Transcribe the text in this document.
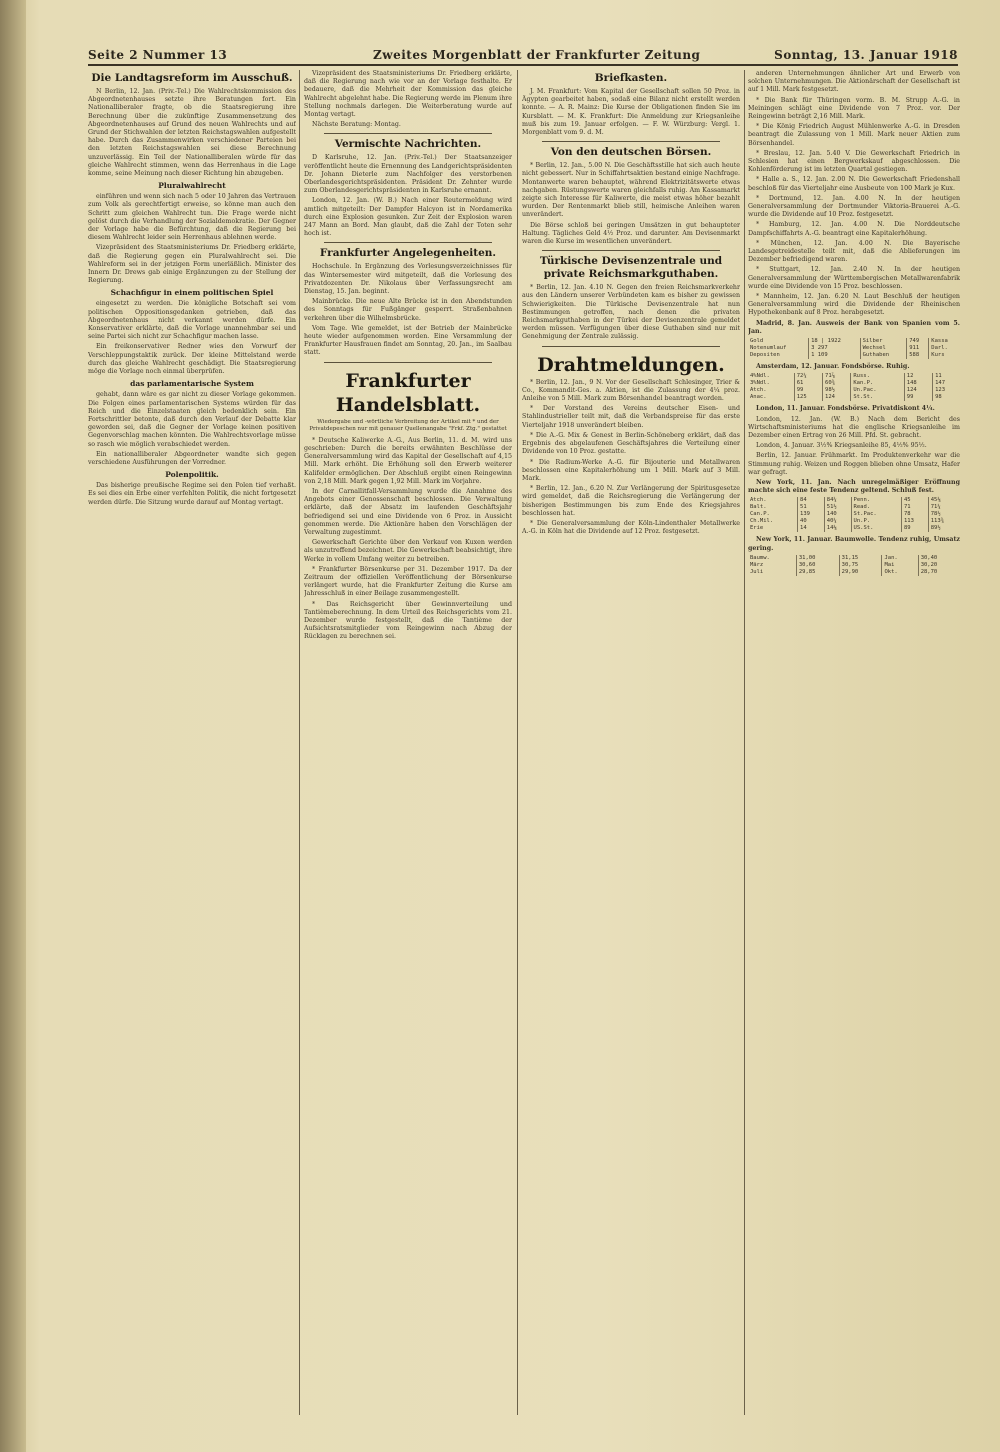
Seite 2 Nummer 13	Zweites Morgenblatt der Frankfurter Zeitung	Sonntag, 13. Januar 1918
Die Landtagsreform im Ausschuß.

N Berlin, 12. Jan. (Priv.-Tel.) Die Wahlrechtskommission des Abgeordnetenhauses setzte ihre Beratungen fort. Ein Nationalliberaler fragte, ob die Staatsregierung ihre Berechnung über die zukünftige Zusammensetzung des Abgeordnetenhauses auf Grund des neuen Wahlrechts und auf Grund der Stichwahlen der letzten Reichstagswahlen aufgestellt habe. Durch das Zusammenwirken verschiedener Parteien bei den letzten Reichstagswahlen sei diese Berechnung unzuverlässig. Ein Teil der Nationalliberalen würde für das gleiche Wahlrecht stimmen, wenn das Herrenhaus in die Lage komme, seine Meinung nach dieser Richtung hin abzugeben.

Pluralwahlrecht

einführen und wenn sich nach 5 oder 10 Jahren das Vertrauen zum Volk als gerechtfertigt erweise, so könne man auch den Schritt zum gleichen Wahlrecht tun. Die Frage werde nicht gelöst durch die Verhandlung der Sozialdemokratie. Der Gegner der Vorlage habe die Befürchtung, daß die Regierung bei diesem Wahlrecht leider sein Herrenhaus ablehnen werde.

Vizepräsident des Staatsministeriums Dr. Friedberg erklärte, daß die Regierung gegen ein Pluralwahlrecht sei. Die Wahlreform sei in der jetzigen Form unerläßlich. Minister des Innern Dr. Drews gab einige Ergänzungen zu der Stellung der Regierung.

Schachfigur in einem politischen Spiel

eingesetzt zu werden. Die königliche Botschaft sei vom politischen Oppositionsgedanken getrieben, daß das Abgeordnetenhaus nicht verkannt werden dürfe. Ein Konservativer erklärte, daß die Vorlage unannehmbar sei und seine Partei sich nicht zur Schachfigur machen lasse.

Ein freikonservativer Redner wies den Vorwurf der Verschleppungstaktik zurück. Der kleine Mittelstand werde durch das gleiche Wahlrecht geschädigt. Die Staatsregierung möge die Vorlage noch einmal überprüfen.

das parlamentarische System

gehabt, dann wäre es gar nicht zu dieser Vorlage gekommen. Die Folgen eines parlamentarischen Systems würden für das Reich und die Einzelstaaten gleich bedenklich sein. Ein Fortschrittler betonte, daß durch den Verlauf der Debatte klar geworden sei, daß die Gegner der Vorlage keinen positiven Gegenvorschlag machen könnten. Die Wahlrechtsvorlage müsse so rasch wie möglich verabschiedet werden.

Ein nationalliberaler Abgeordneter wandte sich gegen verschiedene Ausführungen der Vorredner.

Polenpolitik.

Das bisherige preußische Regime sei den Polen tief verhaßt. Es sei dies ein Erbe einer verfehlten Politik, die nicht fortgesetzt werden dürfe. Die Sitzung wurde darauf auf Montag vertagt.

Vizepräsident des Staatsministeriums Dr. Friedberg erklärte, daß die Regierung nach wie vor an der Vorlage festhalte. Er bedauere, daß die Mehrheit der Kommission das gleiche Wahlrecht abgelehnt habe. Die Regierung werde im Plenum ihre Stellung nochmals darlegen. Die Weiterberatung wurde auf Montag vertagt.

Nächste Beratung: Montag.

Vermischte Nachrichten.

D Karlsruhe, 12. Jan. (Priv.-Tel.) Der Staatsanzeiger veröffentlicht heute die Ernennung des Landgerichtspräsidenten Dr. Johann Dieterle zum Nachfolger des verstorbenen Oberlandesgerichtspräsidenten. Präsident Dr. Zehnter wurde zum Oberlandesgerichtspräsidenten in Karlsruhe ernannt.

London, 12. Jan. (W. B.) Nach einer Reutermeldung wird amtlich mitgeteilt: Der Dampfer Halcyon ist in Nordamerika durch eine Explosion gesunken. Zur Zeit der Explosion waren 247 Mann an Bord. Man glaubt, daß die Zahl der Toten sehr hoch ist.

Frankfurter Angelegenheiten.

Hochschule. In Ergänzung des Vorlesungsverzeichnisses für das Wintersemester wird mitgeteilt, daß die Vorlesung des Privatdozenten Dr. Nikolaus über Verfassungsrecht am Dienstag, 15. Jan. beginnt.

Mainbrücke. Die neue Alte Brücke ist in den Abendstunden des Sonntags für Fußgänger gesperrt. Straßenbahnen verkehren über die Wilhelmsbrücke.

Vom Tage. Wie gemeldet, ist der Betrieb der Mainbrücke heute wieder aufgenommen worden. Eine Versammlung der Frankfurter Hausfrauen findet am Sonntag, 20. Jan., im Saalbau statt.

Frankfurter Handelsblatt.
Wiedergabe und -wörtliche Verbreitung der Artikel mit * und der Privatdepeschen nur mit genauer Quellenangabe "Frkf. Ztg." gestattet

* Deutsche Kaliwerke A.-G., Aus Berlin, 11. d. M. wird uns geschrieben: Durch die bereits erwähnten Beschlüsse der Generalversammlung wird das Kapital der Gesellschaft auf 4,15 Mill. Mark erhöht. Die Erhöhung soll den Erwerb weiterer Kalifelder ermöglichen. Der Abschluß ergibt einen Reingewinn von 2,18 Mill. Mark gegen 1,92 Mill. Mark im Vorjahre.

In der Carnallitfall-Versammlung wurde die Annahme des Angebots einer Genossenschaft beschlossen. Die Verwaltung erklärte, daß der Absatz im laufenden Geschäftsjahr befriedigend sei und eine Dividende von 6 Proz. in Aussicht genommen werde. Die Aktionäre haben den Vorschlägen der Verwaltung zugestimmt.

Gewerkschaft Gerichte über den Verkauf von Kuxen werden als unzutreffend bezeichnet. Die Gewerkschaft beabsichtigt, ihre Werke in vollem Umfang weiter zu betreiben.

* Frankfurter Börsenkurse per 31. Dezember 1917. Da der Zeitraum der offiziellen Veröffentlichung der Börsenkurse verlängert wurde, hat die Frankfurter Zeitung die Kurse am Jahresschluß in einer Beilage zusammengestellt.

* Das Reichsgericht über Gewinnverteilung und Tantièmeberechnung. In dem Urteil des Reichsgerichts vom 21. Dezember wurde festgestellt, daß die Tantième der Aufsichtsratsmitglieder vom Reingewinn nach Abzug der Rücklagen zu berechnen sei.

Briefkasten.

J. M. Frankfurt: Vom Kapital der Gesellschaft sollen 50 Proz. in Ägypten gearbeitet haben, sodaß eine Bilanz nicht erstellt werden konnte. — A. R. Mainz: Die Kurse der Obligationen finden Sie im Kursblatt. — M. K. Frankfurt: Die Anmeldung zur Kriegsanleihe muß bis zum 19. Januar erfolgen. — F. W. Würzburg: Vergl. 1. Morgenblatt vom 9. d. M.

Von den deutschen Börsen.

* Berlin, 12. Jan., 5.00 N. Die Geschäftsstille hat sich auch heute nicht gebessert. Nur in Schiffahrtsaktien bestand einige Nachfrage. Montanwerte waren behauptet, während Elektrizitätswerte etwas nachgaben. Rüstungswerte waren gleichfalls ruhig. Am Kassamarkt zeigte sich Interesse für Kaliwerte, die meist etwas höher bezahlt wurden. Der Rentenmarkt blieb still, heimische Anleihen waren unverändert.

Die Börse schloß bei geringen Umsätzen in gut behaupteter Haltung. Tägliches Geld 4½ Proz. und darunter. Am Devisenmarkt waren die Kurse im wesentlichen unverändert.

Türkische Devisenzentrale und private Reichsmarkguthaben.

* Berlin, 12. Jan. 4.10 N. Gegen den freien Reichsmarkverkehr aus den Ländern unserer Verbündeten kam es bisher zu gewissen Schwierigkeiten. Die Türkische Devisenzentrale hat nun Bestimmungen getroffen, nach denen die privaten Reichsmarkguthaben in der Türkei der Devisenzentrale gemeldet werden müssen. Verfügungen über diese Guthaben sind nur mit Genehmigung der Zentrale zulässig.

Drahtmeldungen.

* Berlin, 12. Jan., 9 N. Vor der Gesellschaft Schlesinger, Trier & Co., Kommandit-Ges. a. Aktien, ist die Zulassung der 4¼ proz. Anleihe von 5 Mill. Mark zum Börsenhandel beantragt worden.

* Der Vorstand des Vereins deutscher Eisen- und Stahlindustrieller teilt mit, daß die Verbandspreise für das erste Vierteljahr 1918 unverändert bleiben.

* Die A.-G. Mix & Genest in Berlin-Schöneberg erklärt, daß das Ergebnis des abgelaufenen Geschäftsjahres die Verteilung einer Dividende von 10 Proz. gestatte.

* Die Radium-Werke A.-G. für Bijouterie und Metallwaren beschlossen eine Kapitalerhöhung um 1 Mill. Mark auf 3 Mill. Mark.

* Berlin, 12. Jan., 6.20 N. Zur Verlängerung der Spiritusgesetze wird gemeldet, daß die Reichsregierung die Verlängerung der bisherigen Bestimmungen bis zum Ende des Kriegsjahres beschlossen hat.

* Die Generalversammlung der Köln-Lindenthaler Metallwerke A.-G. in Köln hat die Dividende auf 12 Proz. festgesetzt.

anderen Unternehmungen ähnlicher Art und Erwerb von solchen Unternehmungen. Die Aktionärschaft der Gesellschaft ist auf 1 Mill. Mark festgesetzt.

* Die Bank für Thüringen vorm. B. M. Strupp A.-G. in Meiningen schlägt eine Dividende von 7 Proz. vor. Der Reingewinn beträgt 2,16 Mill. Mark.

* Die König Friedrich August Mühlenwerke A.-G. in Dresden beantragt die Zulassung von 1 Mill. Mark neuer Aktien zum Börsenhandel.

* Breslau, 12. Jan. 5.40 V. Die Gewerkschaft Friedrich in Schlesien hat einen Bergwerkskauf abgeschlossen. Die Kohlenförderung ist im letzten Quartal gestiegen.

* Halle a. S., 12. Jan. 2.00 N. Die Gewerkschaft Friedenshall beschloß für das Vierteljahr eine Ausbeute von 100 Mark je Kux.

* Dortmund, 12. Jan. 4.00 N. In der heutigen Generalversammlung der Dortmunder Viktoria-Brauerei A.-G. wurde die Dividende auf 10 Proz. festgesetzt.

* Hamburg, 12. Jan. 4.00 N. Die Norddeutsche Dampfschiffahrts A.-G. beantragt eine Kapitalerhöhung.

* München, 12. Jan. 4.00 N. Die Bayerische Landesgetreidestelle teilt mit, daß die Ablieferungen im Dezember befriedigend waren.

* Stuttgart, 12. Jan. 2.40 N. In der heutigen Generalversammlung der Württembergischen Metallwarenfabrik wurde eine Dividende von 15 Proz. beschlossen.

* Mannheim, 12. Jan. 6.20 N. Laut Beschluß der heutigen Generalversammlung wird die Dividende der Rheinischen Hypothekenbank auf 8 Proz. herabgesetzt.

Madrid, 8. Jan. Ausweis der Bank von Spanien vom 5. Jan.

Gold	18 | 1922	Silber	749	Kassa
Notenumlauf	3 297	Wechsel	911	Darl.
Depositen	1 109	Guthaben	588	Kurs

Amsterdam, 12. Januar. Fondsbörse. Ruhig.

4%Ndl.	72¼	71⅞	Russ.	12	11
3%Ndl.	61	60¾	Kan.P.	148	147
Atch.	99	98½	Un.Pac.	124	123
Anac.	125	124	St.St.	99	98

London, 11. Januar. Fondsbörse. Privatdiskont 4¼.

London, 12. Jan. (W. B.) Nach dem Bericht des Wirtschaftsministeriums hat die englische Kriegsanleihe im Dezember einen Ertrag von 26 Mill. Pfd. St. gebracht.

London, 4. Januar. 3½% Kriegsanleihe 85, 4½% 95½.

Berlin, 12. Januar. Frühmarkt. Im Produktenverkehr war die Stimmung ruhig. Weizen und Roggen blieben ohne Umsatz, Hafer war gefragt.

New York, 11. Jan. Nach unregelmäßiger Eröffnung machte sich eine feste Tendenz geltend. Schluß fest.

Atch.	84	84¼	Penn.	45	45⅛
Balt.	51	51½	Read.	71	71¼
Can.P.	139	140	St.Pac.	78	78½
Ch.Mil.	40	40¼	Un.P.	113	113¾
Erie	14	14⅛	US.St.	89	89½

New York, 11. Januar. Baumwolle. Tendenz ruhig, Umsatz gering.

Baumw.	31,00	31,15	Jan.	30,40
März	30,60	30,75	Mai	30,20
Juli	29,85	29,90	Okt.	28,70
